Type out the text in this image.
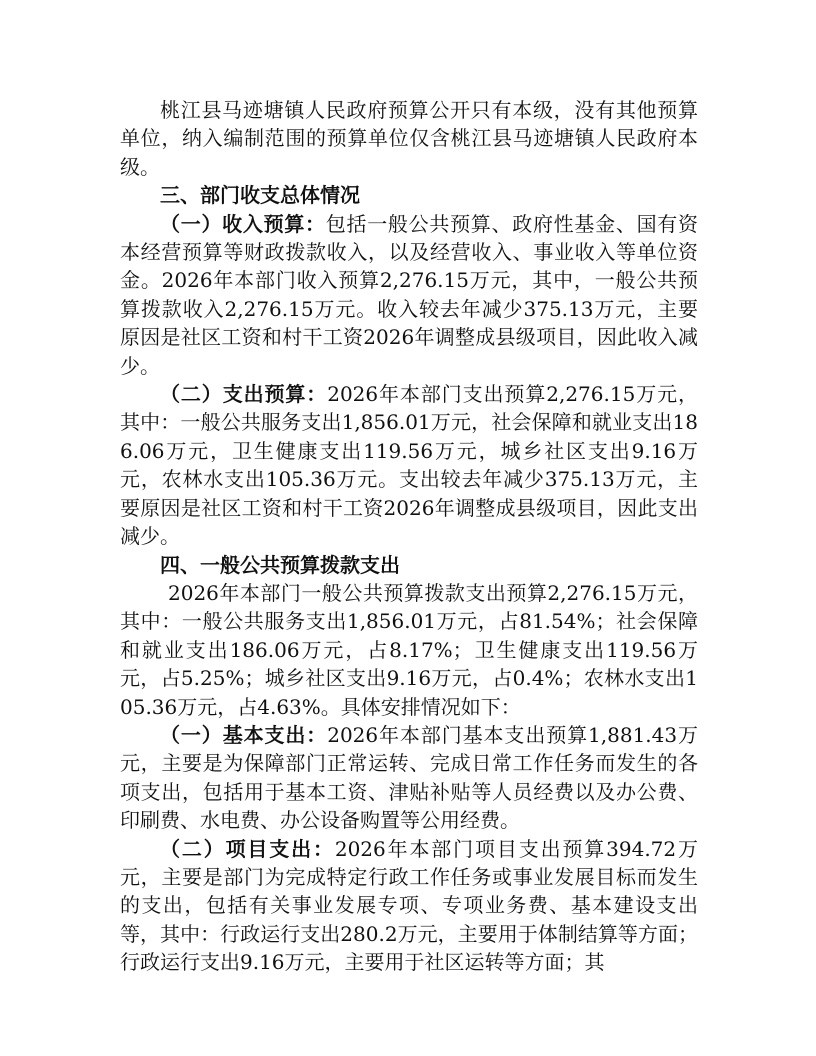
桃江县马迹塘镇人民政府预算公开只有本级，没有其他预算单位，纳入编制范围的预算单位仅含桃江县马迹塘镇人民政府本级。

三、部门收支总体情况

（一）收入预算：包括一般公共预算、政府性基金、国有资本经营预算等财政拨款收入，以及经营收入、事业收入等单位资金。2026年本部门收入预算2,276.15万元，其中，一般公共预算拨款收入2,276.15万元。收入较去年减少375.13万元，主要原因是社区工资和村干工资2026年调整成县级项目，因此收入减少。

（二）支出预算：2026年本部门支出预算2,276.15万元，其中：一般公共服务支出1,856.01万元，社会保障和就业支出186.06万元，卫生健康支出119.56万元，城乡社区支出9.16万元，农林水支出105.36万元。支出较去年减少375.13万元，主要原因是社区工资和村干工资2026年调整成县级项目，因此支出减少。

四、一般公共预算拨款支出

2026年本部门一般公共预算拨款支出预算2,276.15万元，其中：一般公共服务支出1,856.01万元，占81.54%；社会保障和就业支出186.06万元，占8.17%；卫生健康支出119.56万元，占5.25%；城乡社区支出9.16万元，占0.4%；农林水支出105.36万元，占4.63%。具体安排情况如下：

（一）基本支出：2026年本部门基本支出预算1,881.43万元，主要是为保障部门正常运转、完成日常工作任务而发生的各项支出，包括用于基本工资、津贴补贴等人员经费以及办公费、印刷费、水电费、办公设备购置等公用经费。

（二）项目支出：2026年本部门项目支出预算394.72万元，主要是部门为完成特定行政工作任务或事业发展目标而发生的支出，包括有关事业发展专项、专项业务费、基本建设支出等，其中：行政运行支出280.2万元，主要用于体制结算等方面；行政运行支出9.16万元，主要用于社区运转等方面；其
